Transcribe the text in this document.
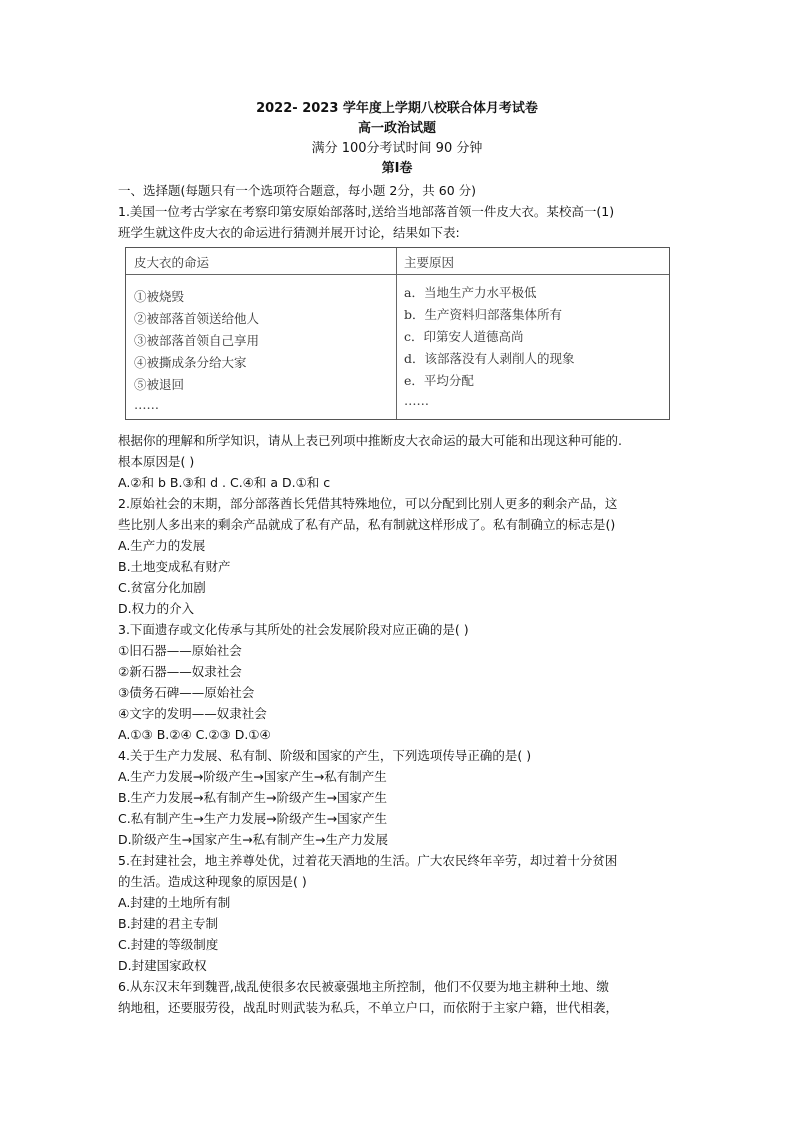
2022- 2023 学年度上学期八校联合体月考试卷
高一政治试题
满分 100分考试时间 90 分钟
第Ⅰ卷
一、选择题(每题只有一个选项符合题意，每小题 2分，共 60 分)
1.美国一位考古学家在考察印第安原始部落时,送给当地部落首领一件皮大衣。某校高一(1)
班学生就这件皮大衣的命运进行猜测并展开讨论，结果如下表:
皮大衣的命运	主要原因
①被烧毁
②被部落首领送给他人
③被部落首领自己享用
④被撕成条分给大家
⑤被退回
……
a．当地生产力水平极低
b．生产资料归部落集体所有
c．印第安人道德高尚
d．该部落没有人剥削人的现象
e．平均分配
……
根据你的理解和所学知识，请从上表已列项中推断皮大衣命运的最大可能和出现这种可能的.
根本原因是( )
A.②和 b B.③和 d . C.④和 a D.①和 c
2.原始社会的末期，部分部落酋长凭借其特殊地位，可以分配到比别人更多的剩余产品，这
些比别人多出来的剩余产品就成了私有产品，私有制就这样形成了。私有制确立的标志是()
A.生产力的发展
B.土地变成私有财产
C.贫富分化加剧
D.权力的介入
3.下面遗存或文化传承与其所处的社会发展阶段对应正确的是( )
①旧石器——原始社会
②新石器——奴隶社会
③债务石碑——原始社会
④文字的发明——奴隶社会
A.①③ B.②④ C.②③ D.①④
4.关于生产力发展、私有制、阶级和国家的产生，下列选项传导正确的是( )
A.生产力发展→阶级产生→国家产生→私有制产生
B.生产力发展→私有制产生→阶级产生→国家产生
C.私有制产生→生产力发展→阶级产生→国家产生
D.阶级产生→国家产生→私有制产生→生产力发展
5.在封建社会，地主养尊处优，过着花天酒地的生活。广大农民终年辛劳，却过着十分贫困
的生活。造成这种现象的原因是( )
A.封建的土地所有制
B.封建的君主专制
C.封建的等级制度
D.封建国家政权
6.从东汉末年到魏晋,战乱使很多农民被豪强地主所控制，他们不仅要为地主耕种土地、缴
纳地租，还要服劳役，战乱时则武装为私兵，不单立户口，而依附于主家户籍，世代相袭，
